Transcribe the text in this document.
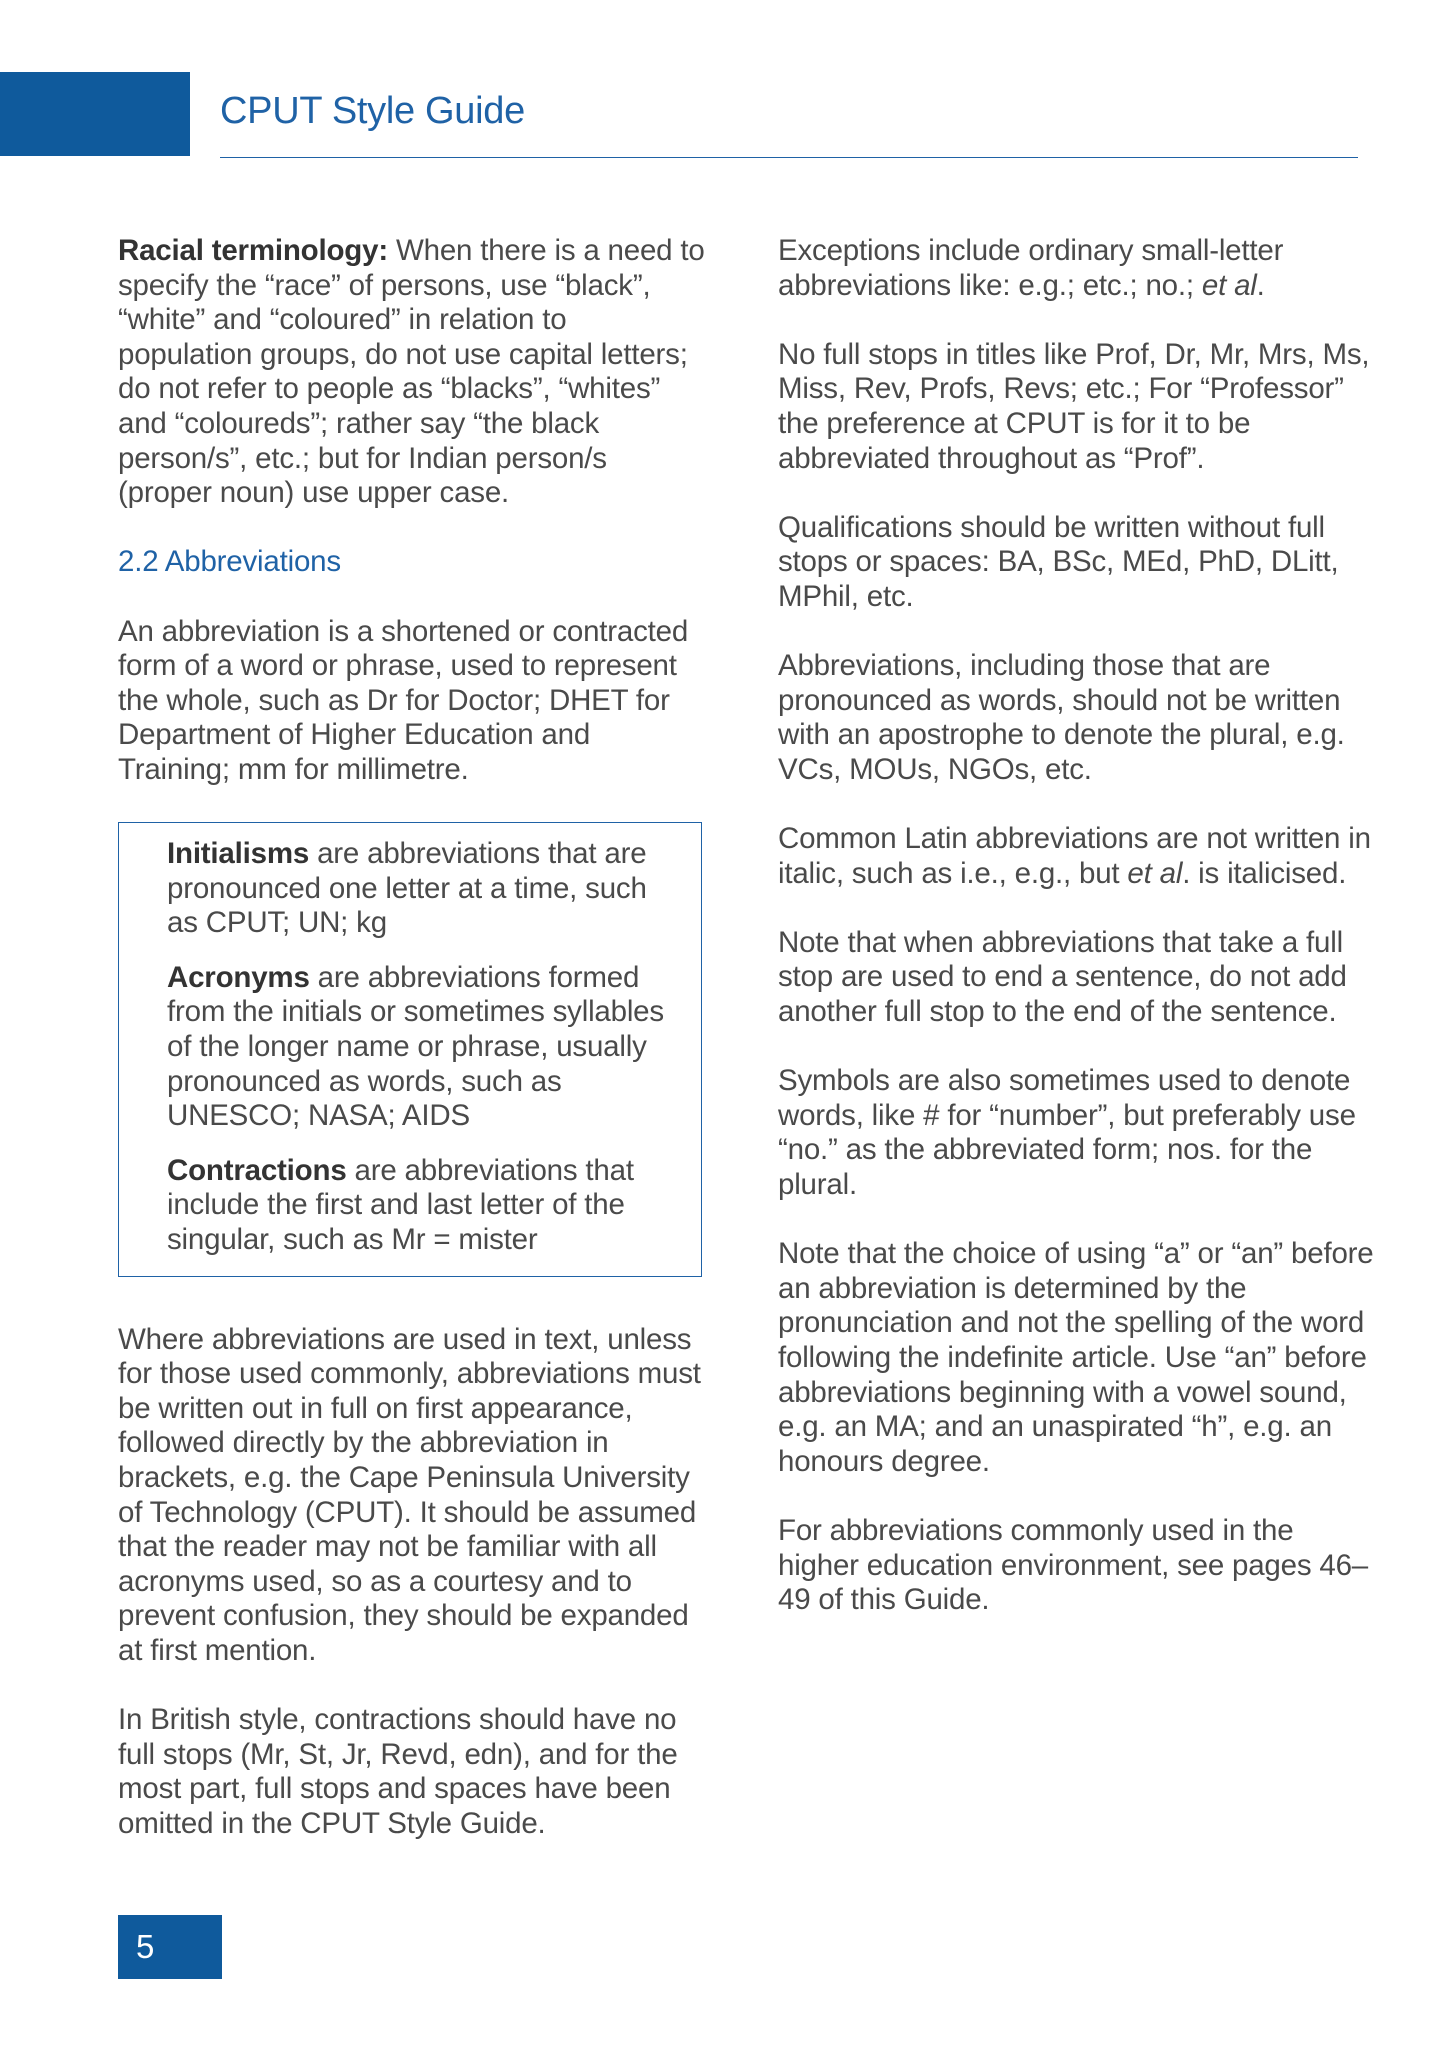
CPUT Style Guide

Racial terminology: When there is a need to specify the “race” of persons, use “black”, “white” and “coloured” in relation to population groups, do not use capital letters; do not refer to people as “blacks”, “whites” and “coloureds”; rather say “the black person/s”, etc.; but for Indian person/s (proper noun) use upper case.

2.2 Abbreviations

An abbreviation is a shortened or contracted form of a word or phrase, used to represent the whole, such as Dr for Doctor; DHET for Department of Higher Education and Training; mm for millimetre.

Initialisms are abbreviations that are pronounced one letter at a time, such as CPUT; UN; kg

Acronyms are abbreviations formed from the initials or sometimes syllables of the longer name or phrase, usually pronounced as words, such as UNESCO; NASA; AIDS

Contractions are abbreviations that include the first and last letter of the singular, such as Mr = mister

Where abbreviations are used in text, unless for those used commonly, abbreviations must be written out in full on first appearance, followed directly by the abbreviation in brackets, e.g. the Cape Peninsula University of Technology (CPUT). It should be assumed that the reader may not be familiar with all acronyms used, so as a courtesy and to prevent confusion, they should be expanded at first mention.

In British style, contractions should have no full stops (Mr, St, Jr, Revd, edn), and for the most part, full stops and spaces have been omitted in the CPUT Style Guide.

Exceptions include ordinary small-letter abbreviations like: e.g.; etc.; no.; et al.

No full stops in titles like Prof, Dr, Mr, Mrs, Ms, Miss, Rev, Profs, Revs; etc.; For “Professor” the preference at CPUT is for it to be abbreviated throughout as “Prof”.

Qualifications should be written without full stops or spaces: BA, BSc, MEd, PhD, DLitt, MPhil, etc.

Abbreviations, including those that are pronounced as words, should not be written with an apostrophe to denote the plural, e.g. VCs, MOUs, NGOs, etc.

Common Latin abbreviations are not written in italic, such as i.e., e.g., but et al. is italicised.

Note that when abbreviations that take a full stop are used to end a sentence, do not add another full stop to the end of the sentence.

Symbols are also sometimes used to denote words, like # for “number”, but preferably use “no.” as the abbreviated form; nos. for the plural.

Note that the choice of using “a” or “an” before an abbreviation is determined by the pronunciation and not the spelling of the word following the indefinite article. Use “an” before abbreviations beginning with a vowel sound, e.g. an MA; and an unaspirated “h”, e.g. an honours degree.

For abbreviations commonly used in the higher education environment, see pages 46–49 of this Guide.

5
